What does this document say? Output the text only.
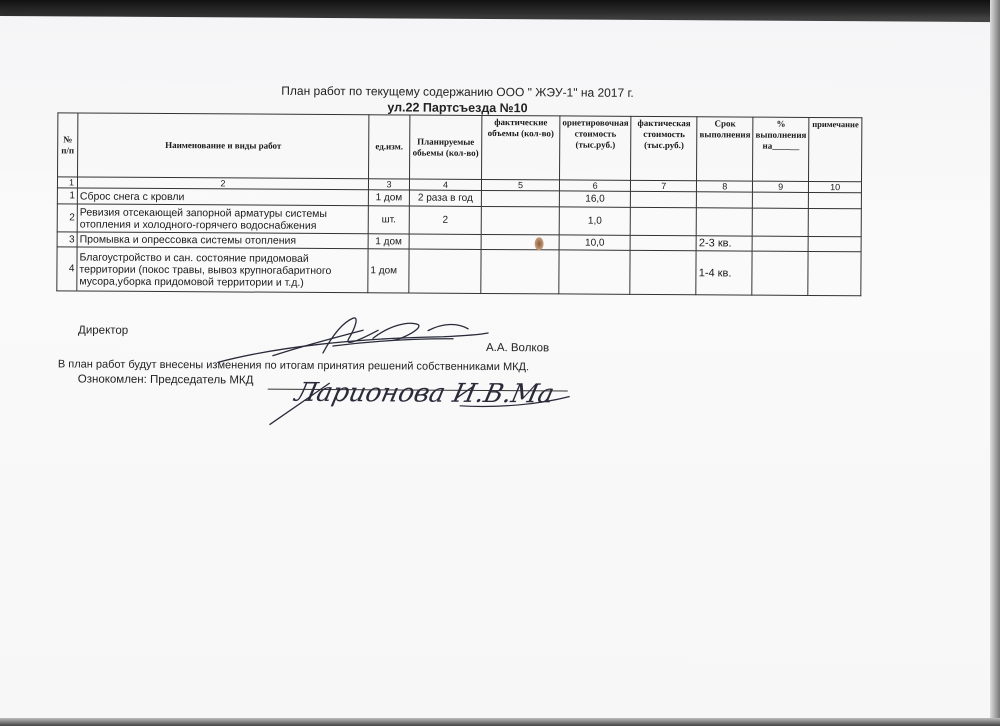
План работ по текущему содержанию ООО " ЖЭУ-1" на 2017 г.
ул.22 Партсъезда №10
№ п/п	Наименование и виды работ	ед.изм.	Планируемые обьемы (кол-во)	фактические объемы (кол-во)	ориетировочная стоимость (тыс.руб.)	фактическая стоимость (тыс.руб.)	Срок выполнения	% выполнения на______	примечание
1	2	3	4	5	6	7	8	9	10
1	Сброс снега с кровли	1 дом	2 раза в год		16,0				
2	Ревизия отсекающей запорной арматуры системы отопления и холодного-горячего водоснабжения	шт.	2		1,0				
3	Промывка и опрессовка системы отопления	1 дом			10,0		2-3 кв.		
4	Благоустройство и сан. состояние придомовай территории (покос травы, вывоз крупногабаритного мусора,уборка придомовой территории и т.д.)	1 дом					1-4 кв.		
Директор
А.А. Волков
В план работ будут внесены изменения по итогам принятия решений собственниками МКД.
Ознокомлен: Председатель МКД Ларионова И.В.Ма
